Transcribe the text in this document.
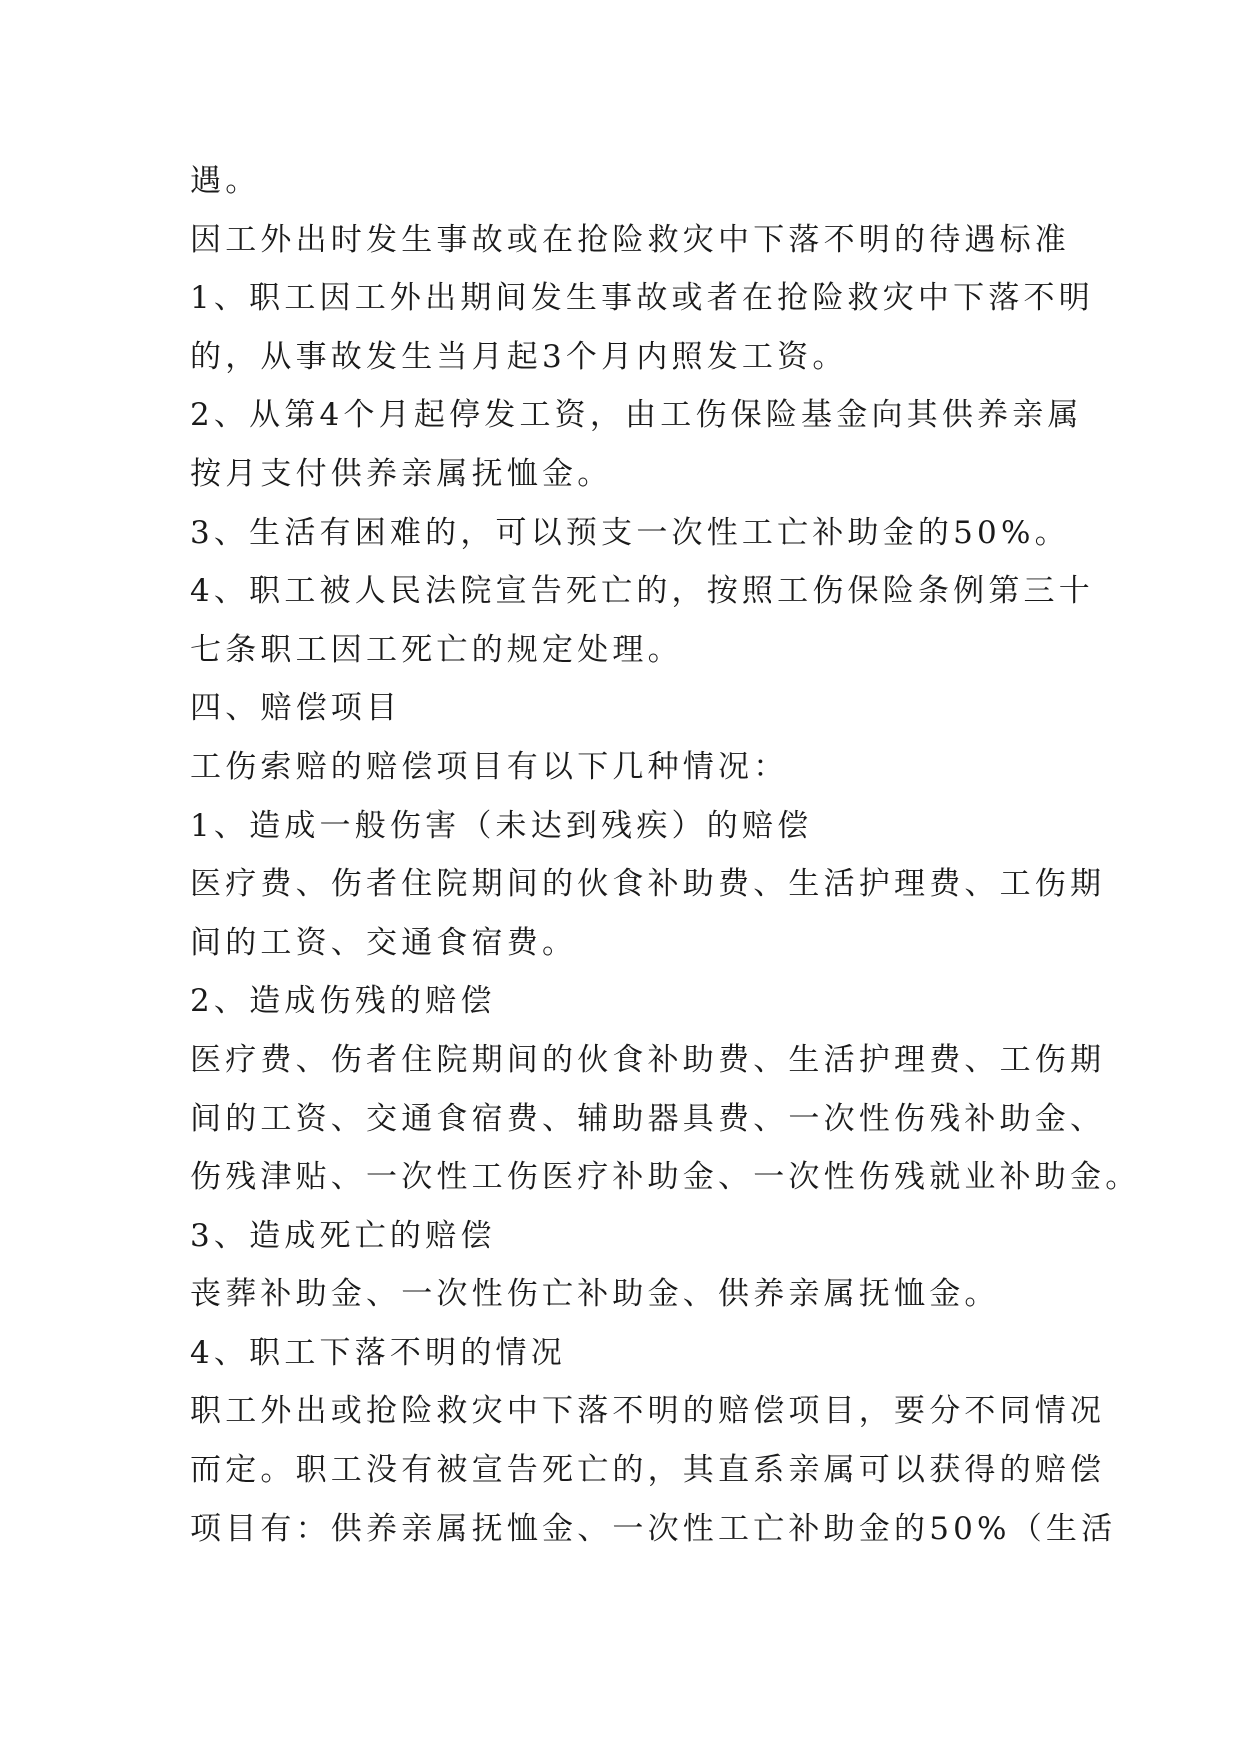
遇。
因工外出时发生事故或在抢险救灾中下落不明的待遇标准
1、职工因工外出期间发生事故或者在抢险救灾中下落不明
的，从事故发生当月起3个月内照发工资。
2、从第4个月起停发工资，由工伤保险基金向其供养亲属
按月支付供养亲属抚恤金。
3、生活有困难的，可以预支一次性工亡补助金的50%。
4、职工被人民法院宣告死亡的，按照工伤保险条例第三十
七条职工因工死亡的规定处理。
四、赔偿项目
工伤索赔的赔偿项目有以下几种情况：
1、造成一般伤害（未达到残疾）的赔偿
医疗费、伤者住院期间的伙食补助费、生活护理费、工伤期
间的工资、交通食宿费。
2、造成伤残的赔偿
医疗费、伤者住院期间的伙食补助费、生活护理费、工伤期
间的工资、交通食宿费、辅助器具费、一次性伤残补助金、
伤残津贴、一次性工伤医疗补助金、一次性伤残就业补助金。
3、造成死亡的赔偿
丧葬补助金、一次性伤亡补助金、供养亲属抚恤金。
4、职工下落不明的情况
职工外出或抢险救灾中下落不明的赔偿项目，要分不同情况
而定。职工没有被宣告死亡的，其直系亲属可以获得的赔偿
项目有：供养亲属抚恤金、一次性工亡补助金的50%（生活
